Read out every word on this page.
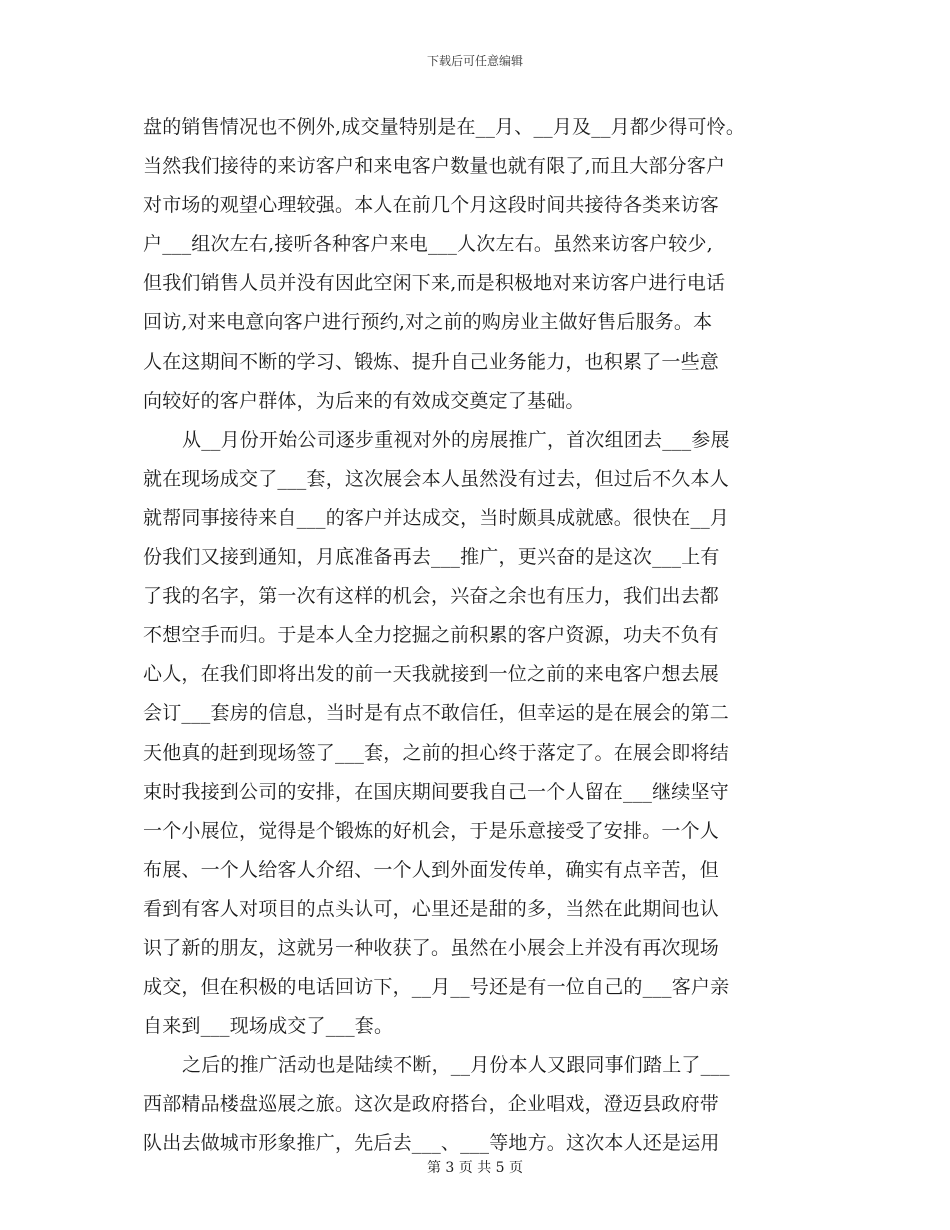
下载后可任意编辑
盘的销售情况也不例外,成交量特别是在__月、__月及__月都少得可怜。
当然我们接待的来访客户和来电客户数量也就有限了,而且大部分客户
对市场的观望心理较强。本人在前几个月这段时间共接待各类来访客
户___组次左右,接听各种客户来电___人次左右。虽然来访客户较少,
但我们销售人员并没有因此空闲下来,而是积极地对来访客户进行电话
回访,对来电意向客户进行预约,对之前的购房业主做好售后服务。本
人在这期间不断的学习、锻炼、提升自己业务能力，也积累了一些意
向较好的客户群体，为后来的有效成交奠定了基础。
从__月份开始公司逐步重视对外的房展推广，首次组团去___参展
就在现场成交了___套，这次展会本人虽然没有过去，但过后不久本人
就帮同事接待来自___的客户并达成交，当时颇具成就感。很快在__月
份我们又接到通知，月底准备再去___推广，更兴奋的是这次___上有
了我的名字，第一次有这样的机会，兴奋之余也有压力，我们出去都
不想空手而归。于是本人全力挖掘之前积累的客户资源，功夫不负有
心人，在我们即将出发的前一天我就接到一位之前的来电客户想去展
会订___套房的信息，当时是有点不敢信任，但幸运的是在展会的第二
天他真的赶到现场签了___套，之前的担心终于落定了。在展会即将结
束时我接到公司的安排，在国庆期间要我自己一个人留在___继续坚守
一个小展位，觉得是个锻炼的好机会，于是乐意接受了安排。一个人
布展、一个人给客人介绍、一个人到外面发传单，确实有点辛苦，但
看到有客人对项目的点头认可，心里还是甜的多，当然在此期间也认
识了新的朋友，这就另一种收获了。虽然在小展会上并没有再次现场
成交，但在积极的电话回访下，__月__号还是有一位自己的___客户亲
自来到___现场成交了___套。
之后的推广活动也是陆续不断，__月份本人又跟同事们踏上了___
西部精品楼盘巡展之旅。这次是政府搭台，企业唱戏，澄迈县政府带
队出去做城市形象推广，先后去___、___等地方。这次本人还是运用
第 3 页 共 5 页
